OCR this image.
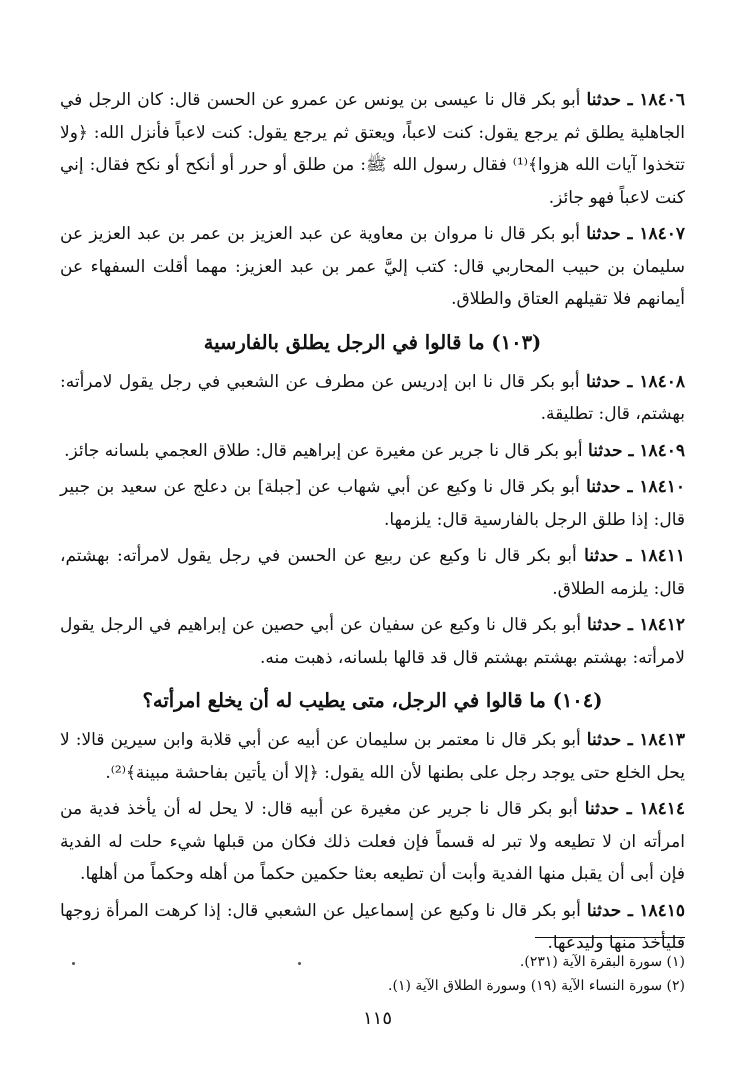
١٨٤٠٦ ـ حدثنا أبو بكر قال نا عيسى بن يونس عن عمرو عن الحسن قال: كان الرجل في الجاهلية يطلق ثم يرجع يقول: كنت لاعباً، ويعتق ثم يرجع يقول: كنت لاعباً فأنزل الله: ﴿ولا تتخذوا آيات الله هزوا﴾⁽¹⁾ فقال رسول الله ﷺ: من طلق أو حرر أو أنكح أو نكح فقال: إني كنت لاعباً فهو جائز.

١٨٤٠٧ ـ حدثنا أبو بكر قال نا مروان بن معاوية عن عبد العزيز بن عمر بن عبد العزيز عن سليمان بن حبيب المحاربي قال: كتب إليَّ عمر بن عبد العزيز: مهما أقلت السفهاء عن أيمانهم فلا تقيلهم العتاق والطلاق.

(١٠٣) ما قالوا في الرجل يطلق بالفارسية

١٨٤٠٨ ـ حدثنا أبو بكر قال نا ابن إدريس عن مطرف عن الشعبي في رجل يقول لامرأته: بهشتم، قال: تطليقة.

١٨٤٠٩ ـ حدثنا أبو بكر قال نا جرير عن مغيرة عن إبراهيم قال: طلاق العجمي بلسانه جائز.

١٨٤١٠ ـ حدثنا أبو بكر قال نا وكيع عن أبي شهاب عن [جبلة] بن دعلج عن سعيد بن جبير قال: إذا طلق الرجل بالفارسية قال: يلزمها.

١٨٤١١ ـ حدثنا أبو بكر قال نا وكيع عن ربيع عن الحسن في رجل يقول لامرأته: بهشتم، قال: يلزمه الطلاق.

١٨٤١٢ ـ حدثنا أبو بكر قال نا وكيع عن سفيان عن أبي حصين عن إبراهيم في الرجل يقول لامرأته: بهشتم بهشتم بهشتم قال قد قالها بلسانه، ذهبت منه.

(١٠٤) ما قالوا في الرجل، متى يطيب له أن يخلع امرأته؟

١٨٤١٣ ـ حدثنا أبو بكر قال نا معتمر بن سليمان عن أبيه عن أبي قلابة وابن سيرين قالا: لا يحل الخلع حتى يوجد رجل على بطنها لأن الله يقول: ﴿إلا أن يأتين بفاحشة مبينة﴾⁽²⁾.

١٨٤١٤ ـ حدثنا أبو بكر قال نا جرير عن مغيرة عن أبيه قال: لا يحل له أن يأخذ فدية من امرأته ان لا تطيعه ولا تبر له قسماً فإن فعلت ذلك فكان من قبلها شيء حلت له الفدية فإن أبى أن يقبل منها الفدية وأبت أن تطيعه بعثا حكمين حكماً من أهله وحكماً من أهلها.

١٨٤١٥ ـ حدثنا أبو بكر قال نا وكيع عن إسماعيل عن الشعبي قال: إذا كرهت المرأة زوجها فليأخذ منها وليدعها.

(١) سورة البقرة الآية (٢٣١).
(٢) سورة النساء الآية (١٩) وسورة الطلاق الآية (١).
١١٥
